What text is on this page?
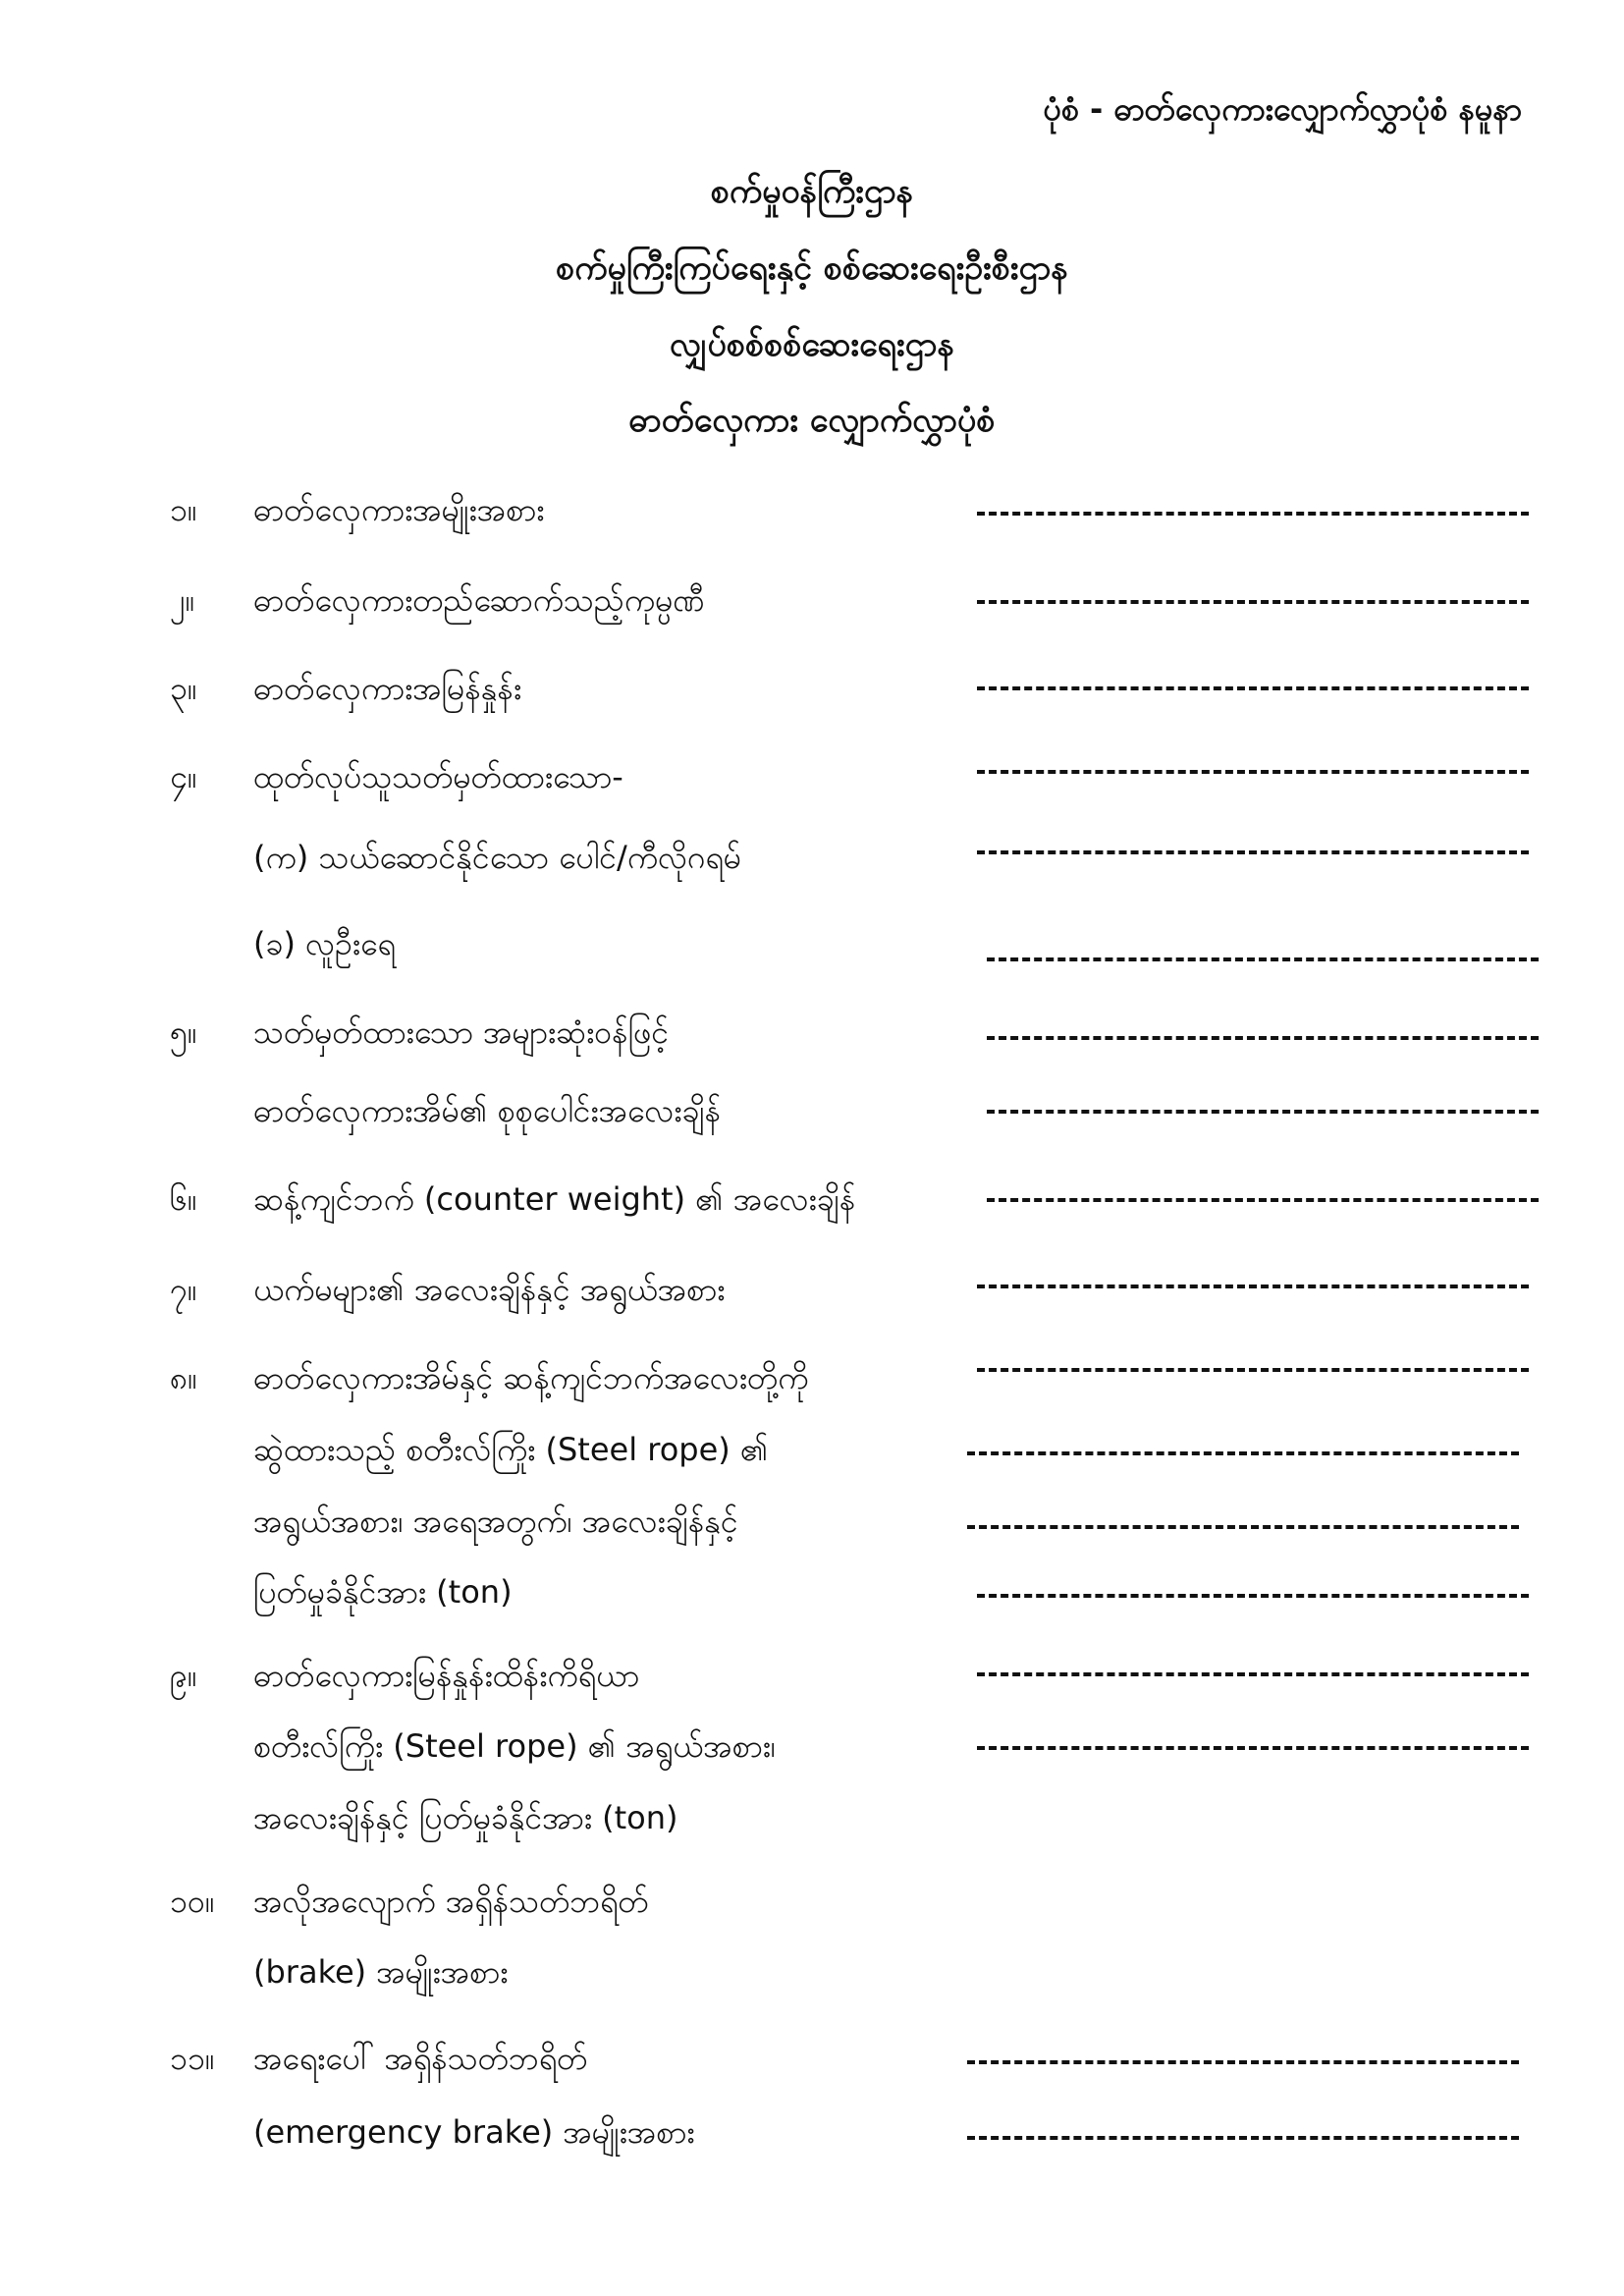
ပုံစံ - ဓာတ်လှေကားလျှောက်လွှာပုံစံ နမူနာ
စက်မှုဝန်ကြီးဌာန
စက်မှုကြီးကြပ်ရေးနှင့် စစ်ဆေးရေးဦးစီးဌာန
လျှပ်စစ်စစ်ဆေးရေးဌာန
ဓာတ်လှေကား လျှောက်လွှာပုံစံ
၁။ ဓာတ်လှေကားအမျိုးအစား
၂။ ဓာတ်လှေကားတည်ဆောက်သည့်ကုမ္ပဏီ
၃။ ဓာတ်လှေကားအမြန်နှုန်း
၄။ ထုတ်လုပ်သူသတ်မှတ်ထားသော-
(က) သယ်ဆောင်နိုင်သော ပေါင်/ကီလိုဂရမ်
(ခ) လူဦးရေ
၅။ သတ်မှတ်ထားသော အများဆုံးဝန်ဖြင့်
ဓာတ်လှေကားအိမ်၏ စုစုပေါင်းအလေးချိန်
၆။ ဆန့်ကျင်ဘက် (counter weight) ၏ အလေးချိန်
၇။ ယက်မများ၏ အလေးချိန်နှင့် အရွယ်အစား
၈။ ဓာတ်လှေကားအိမ်နှင့် ဆန့်ကျင်ဘက်အလေးတို့ကို
ဆွဲထားသည့် စတီးလ်ကြိုး (Steel rope) ၏
အရွယ်အစား၊ အရေအတွက်၊ အလေးချိန်နှင့်
ပြတ်မှုခံနိုင်အား (ton)
၉။ ဓာတ်လှေကားမြန်နှုန်းထိန်းကိရိယာ
စတီးလ်ကြိုး (Steel rope) ၏ အရွယ်အစား၊
အလေးချိန်နှင့် ပြတ်မှုခံနိုင်အား (ton)
၁၀။ အလိုအလျောက် အရှိန်သတ်ဘရိတ်
(brake) အမျိုးအစား
၁၁။ အရေးပေါ် အရှိန်သတ်ဘရိတ်
(emergency brake) အမျိုးအစား
